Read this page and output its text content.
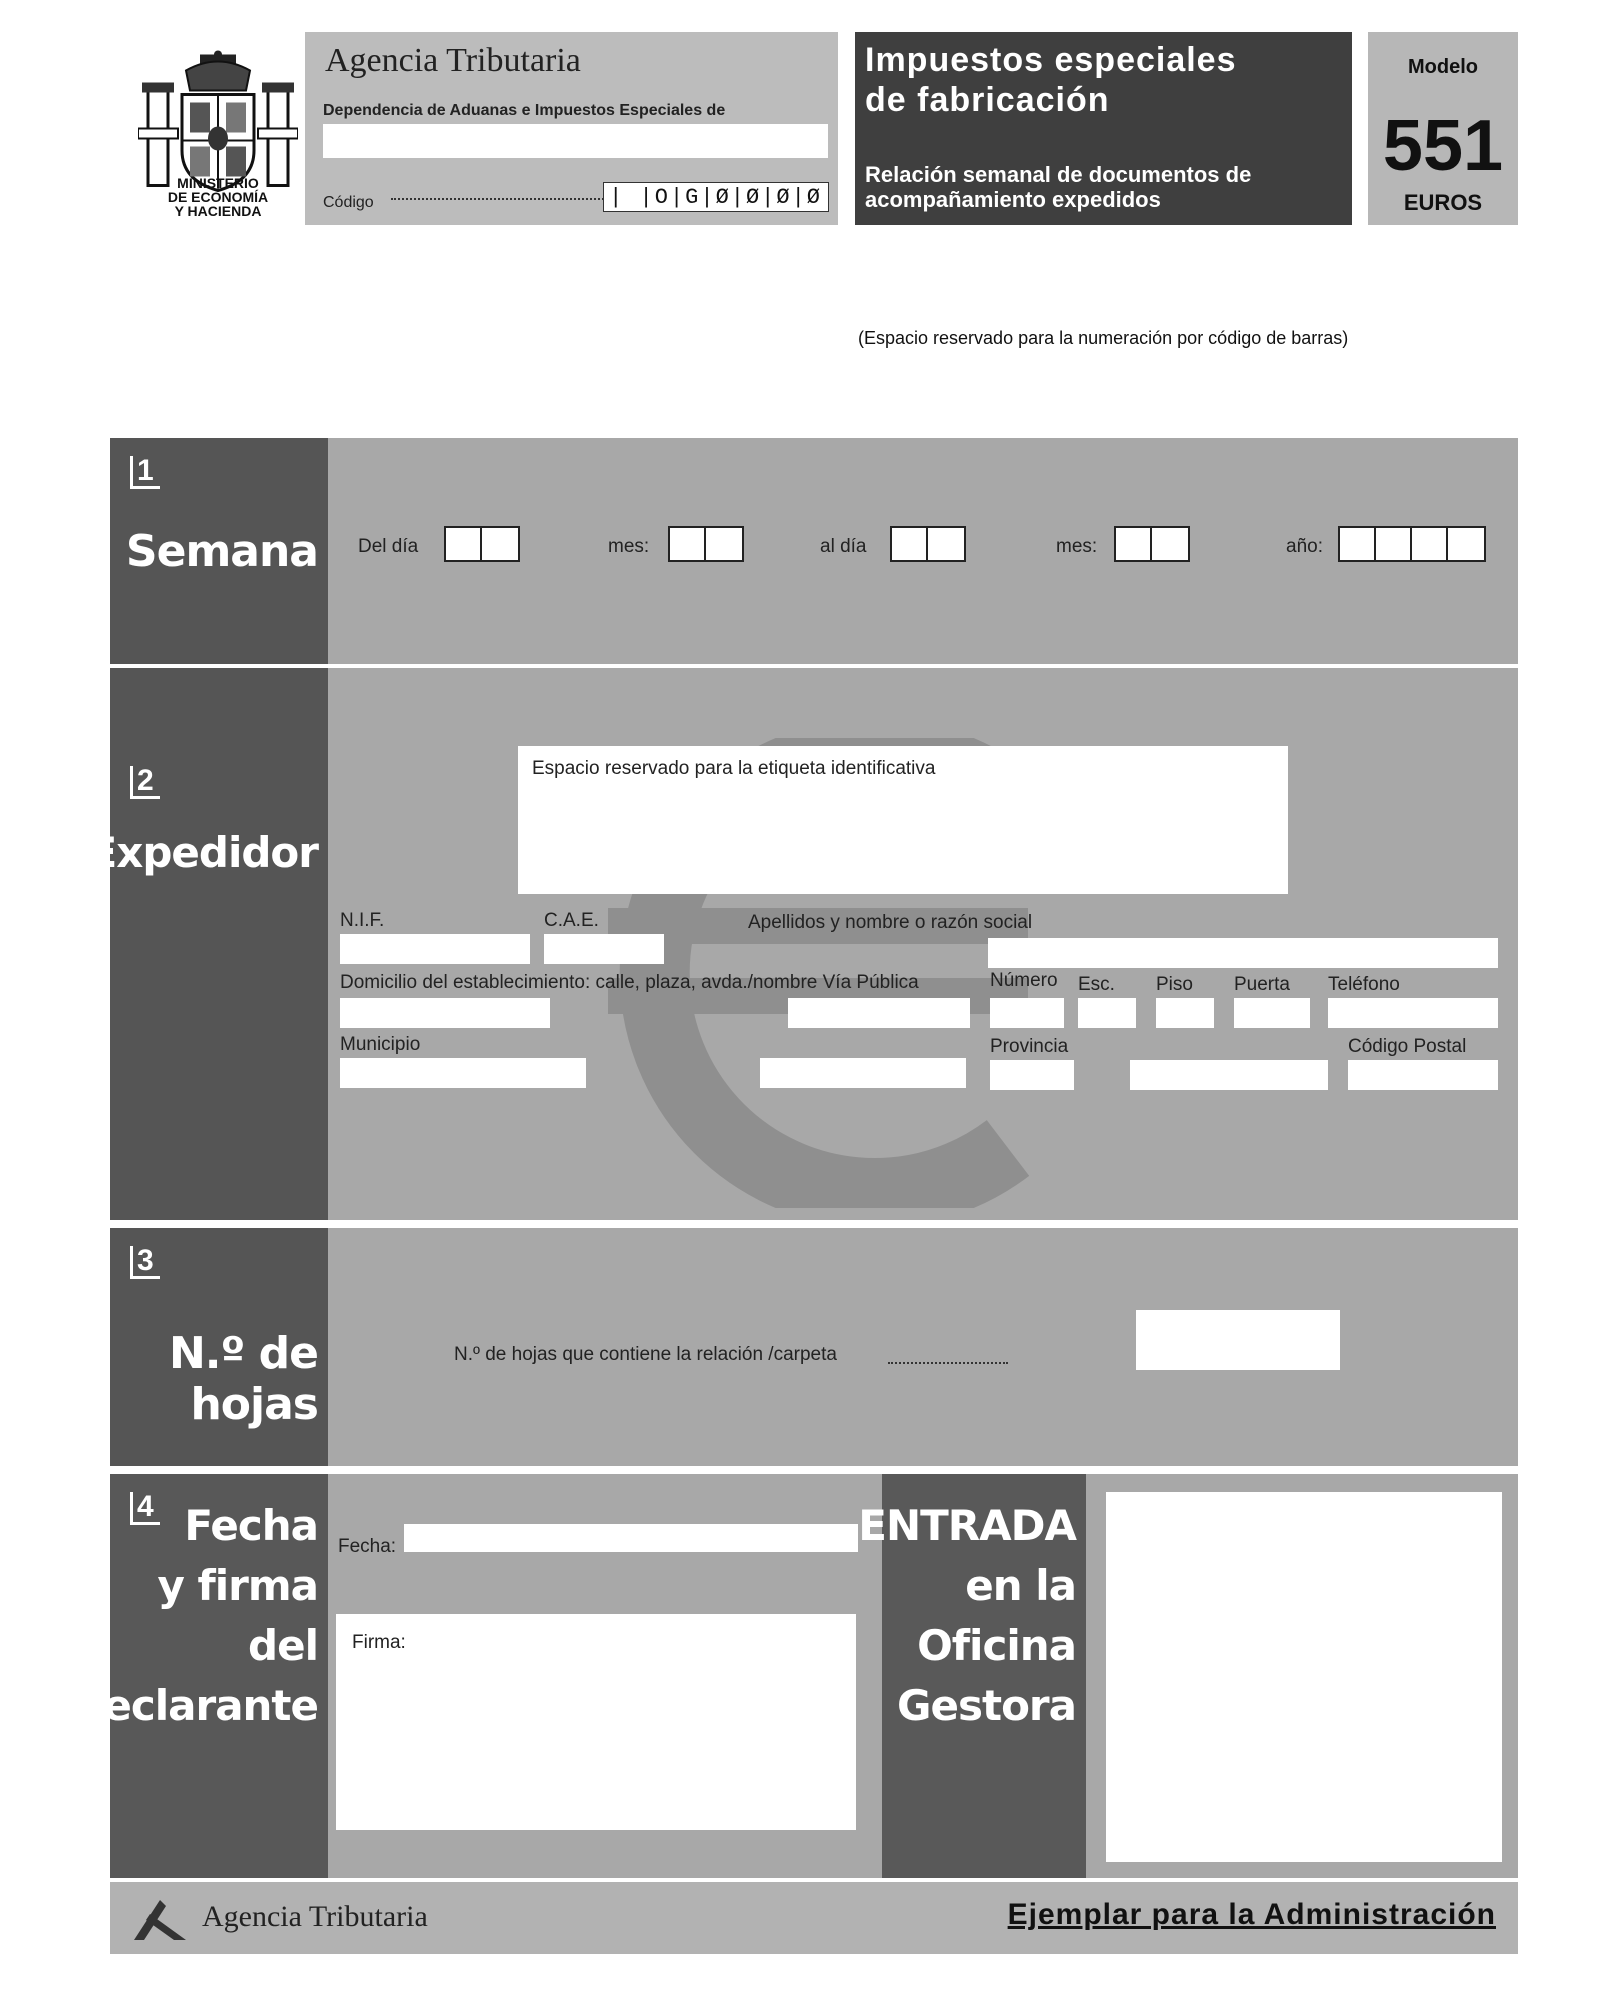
MINISTERIO
DE ECONOMÍA
Y HACIENDA
Agencia Tributaria
Dependencia de Aduanas e Impuestos Especiales de
Código	| |O|G|Ø|Ø|Ø|Ø
Impuestos especiales
de fabricación
Relación semanal de documentos de
acompañamiento expedidos
Modelo
551
EUROS
(Espacio reservado para la numeración por código de barras)
1
Semana Del día	mes:	al día	mes:	año:
2
Expedidor
Espacio reservado para la etiqueta identificativa
N.I.F.	C.A.E.	Apellidos y nombre o razón social
Domicilio del establecimiento: calle, plaza, avda./nombre Vía Pública	Número Esc. Piso Puerta Teléfono
Municipio	Provincia	Código Postal
3
N.º de hojas
N.º de hojas que contiene la relación /carpeta
4 Fecha
y firma del
declarante
Fecha:
Firma:
ENTRADA
en la Oficina
Gestora
Agencia Tributaria	Ejemplar para la Administración
